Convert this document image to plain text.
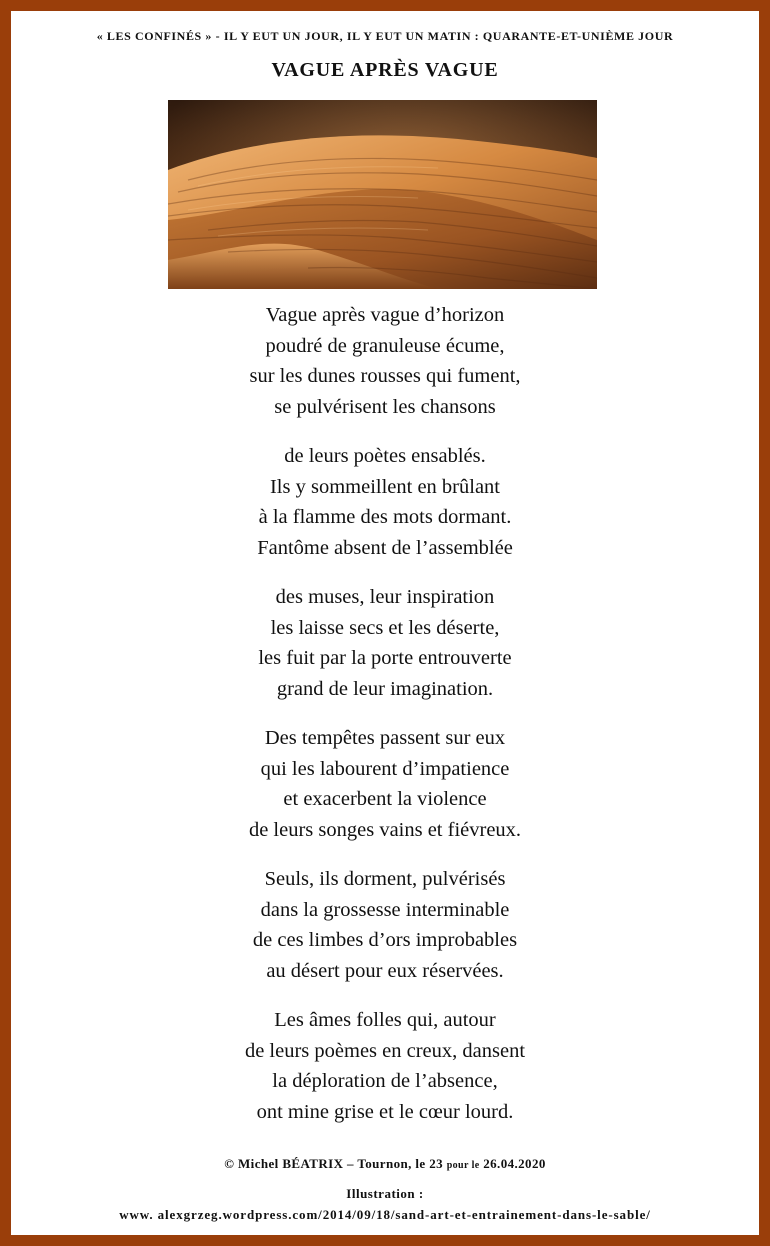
« LES CONFINÉS » - IL Y EUT UN JOUR, IL Y EUT UN MATIN : QUARANTE-ET-UNIÈME JOUR
VAGUE APRÈS VAGUE
Vague après vague d’horizon
poudré de granuleuse écume,
sur les dunes rousses qui fument,
se pulvérisent les chansons
de leurs poètes ensablés.
Ils y sommeillent en brûlant
à la flamme des mots dormant.
Fantôme absent de l’assemblée
des muses, leur inspiration
les laisse secs et les déserte,
les fuit par la porte entrouverte
grand de leur imagination.
Des tempêtes passent sur eux
qui les labourent d’impatience
et exacerbent la violence
de leurs songes vains et fiévreux.
Seuls, ils dorment, pulvérisés
dans la grossesse interminable
de ces limbes d’ors improbables
au désert pour eux réservées.
Les âmes folles qui, autour
de leurs poèmes en creux, dansent
la déploration de l’absence,
ont mine grise et le cœur lourd.
© Michel BÉATRIX – Tournon, le 23 pour le 26.04.2020
Illustration :
www. alexgrzeg.wordpress.com/2014/09/18/sand-art-et-entrainement-dans-le-sable/
